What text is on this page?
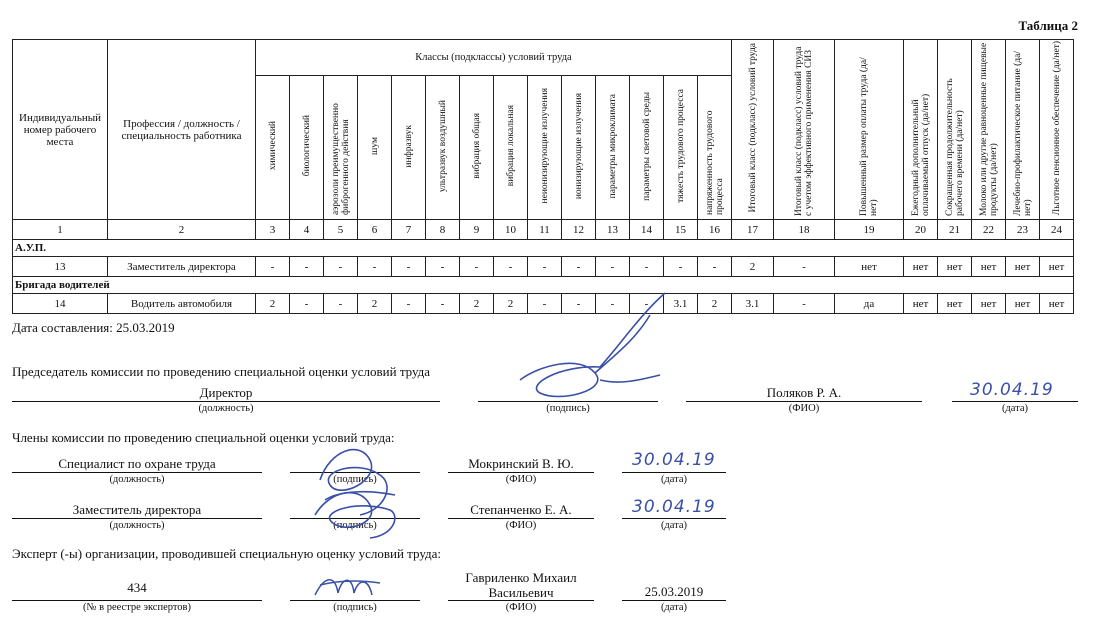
Таблица 2
Индивидуальный номер рабочего места	Профессия / должность / специальность работника	Классы (подклассы) условий труда														Итоговый класс (подкласс) условий труда	Итоговый класс (подкласс) условий труда с учетом эффективного применения СИЗ	Повышенный размер оплаты труда (да/нет)	Ежегодный дополнительный оплачиваемый отпуск (да/нет)	Сокращенная продолжительность рабочего времени (да/нет)	Молоко или другие равноценные пищевые продукты (да/нет)	Лечебно-профилактическое питание (да/нет)	Льготное пенсионное обеспечение (да/нет)
		химический	биологический	аэрозоли преимущественно фиброгенного действия	шум	инфразвук	ультразвук воздушный	вибрация общая	вибрация локальная	неионизирующие излучения	ионизирующие излучения	параметры микроклимата	параметры световой среды	тяжесть трудового процесса	напряженность трудового процесса								
1	2	3	4	5	6	7	8	9	10	11	12	13	14	15	16	17	18	19	20	21	22	23	24
А.У.П.																							
13	Заместитель директора	-	-	-	-	-	-	-	-	-	-	-	-	-	-	2	-	нет	нет	нет	нет	нет	нет
Бригада водителей																							
14	Водитель автомобиля	2	-	-	2	-	-	2	2	-	-	-	-	3.1	2	3.1	-	да	нет	нет	нет	нет	нет
Дата составления: 25.03.2019
Председатель комиссии по проведению специальной оценки условий труда
Директор
(должность)	(подпись)
Поляков Р. А.
(ФИО)
30.04.19
(дата)
Члены комиссии по проведению специальной оценки условий труда:
Специалист по охране труда
(должность)	(подпись)
Мокринский В. Ю.
(ФИО)
30.04.19
(дата)
Заместитель директора
(должность)	(подпись)
Степанченко Е. А.
(ФИО)
30.04.19
(дата)
Эксперт (-ы) организации, проводившей специальную оценку условий труда:
434
(№ в реестре экспертов)	(подпись)
Гавриленко Михаил
Васильевич
(ФИО)
25.03.2019
(дата)
